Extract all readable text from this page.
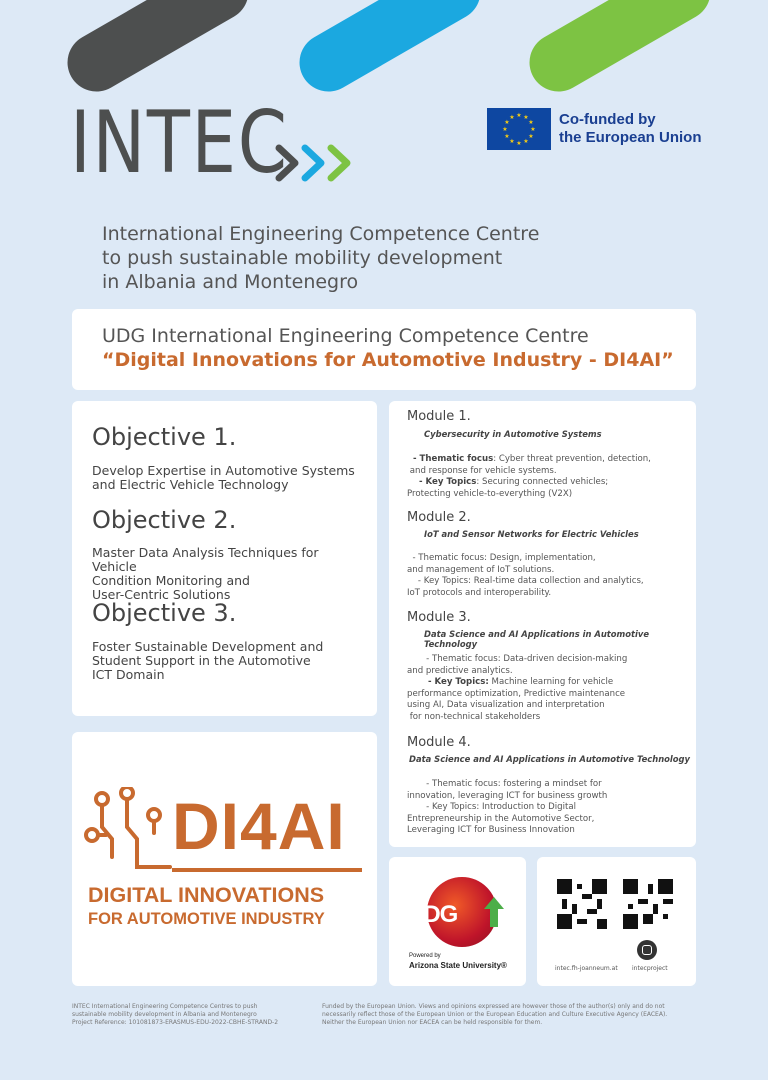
INTEC	★ ★
★
★
★
★
★
★
★
★
★
★	Co-funded by
the European Union
International Engineering Competence Centre
to push sustainable mobility development
in Albania and Montenegro
UDG International Engineering Competence Centre
“Digital Innovations for Automotive Industry - DI4AI”
Objective 1.
Develop Expertise in Automotive Systems
and Electric Vehicle Technology
Objective 2.
Master Data Analysis Techniques for Vehicle
Condition Monitoring and
User-Centric Solutions
Objective 3.
Foster Sustainable Development and
Student Support in the Automotive
ICT Domain
Module 1.
Cybersecurity in Automotive Systems
- Thematic focus: Cyber threat prevention, detection,
and response for vehicle systems.
- Key Topics: Securing connected vehicles;
Protecting vehicle-to-everything (V2X)
Module 2.
IoT and Sensor Networks for Electric Vehicles
- Thematic focus: Design, implementation,
and management of IoT solutions.
- Key Topics: Real-time data collection and analytics,
IoT protocols and interoperability.
Module 3.
Data Science and AI Applications in Automotive Technology
- Thematic focus: Data-driven decision-making
and predictive analytics.
- Key Topics: Machine learning for vehicle
performance optimization, Predictive maintenance
using AI, Data visualization and interpretation
for non-technical stakeholders
Module 4.
Data Science and AI Applications in Automotive Technology
- Thematic focus: fostering a mindset for
innovation, leveraging ICT for business growth
- Key Topics: Introduction to Digital
Entrepreneurship in the Automotive Sector,
Leveraging ICT for Business Innovation
DI4AI
DIGITAL INNOVATIONS
FOR AUTOMOTIVE INDUSTRY	UDG
Powered by
Arizona State University®	intec.fh-joanneum.at intecproject
INTEC International Engineering Competence Centres to push
sustainable mobility development in Albania and Montenegro
Project Reference: 101081873-ERASMUS-EDU-2022-CBHE-STRAND-2
Funded by the European Union. Views and opinions expressed are however those of the author(s) only and do not
necessarily reflect those of the European Union or the European Education and Culture Executive Agency (EACEA).
Neither the European Union nor EACEA can be held responsible for them.
